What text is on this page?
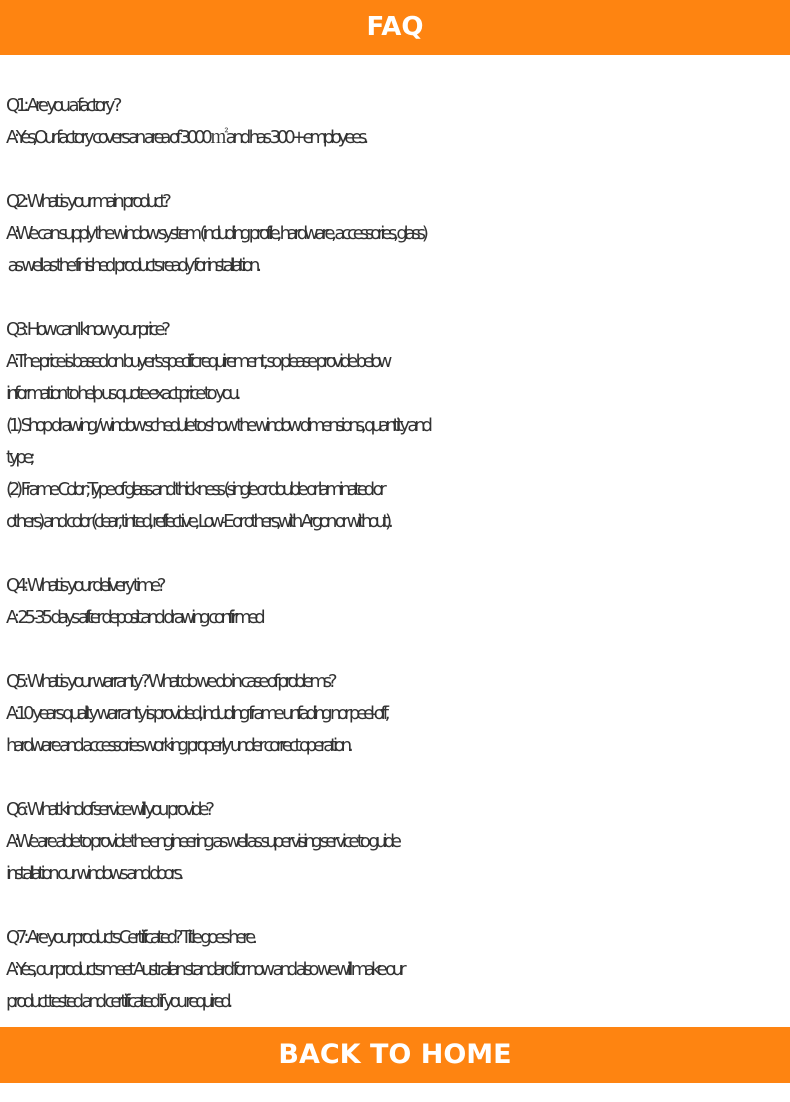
FAQ
Q1: Are you a factory ?
A:Yes,Our factory covers an area of 3000 ㎡ and has 300+employees.
Q2: What is your main product?
A:We can supply the window system (including profile, hardware, accessories, glass)
as well as the finished products ready for installation.
Q3: How can I know your price?
A:The price is based on buyer's specific requirement, so please provide below
information to help us quote exact price to you.
(1) Shop drawing / window schedule to show the window dimensions, quantity and
type;
(2) Frame Color ;Type of glass and thickness (single or double or laminated or
others) and color (clear, tinted, reflective, Low-E or others,with Argon or without).
Q4: What is your delivery time?
A: 25-35 days after deposit and drawing confirmed
Q5: What is your warranty ? What do we do in case of problems?
A:10 years quality warranty is provided, including frame unfading nor peel-off,
hardware and accessories working properly under correct operation.
Q6: What kind of service will you provide?
A:We are able to provide the engineering as well as supervising service to guide
installation our windows and doors.
Q7: Are your products Certificated? Title goes here.
A:Yes, our products meet Australian standard for now and also we will make our
product tested and certificated if you required.
BACK TO HOME
